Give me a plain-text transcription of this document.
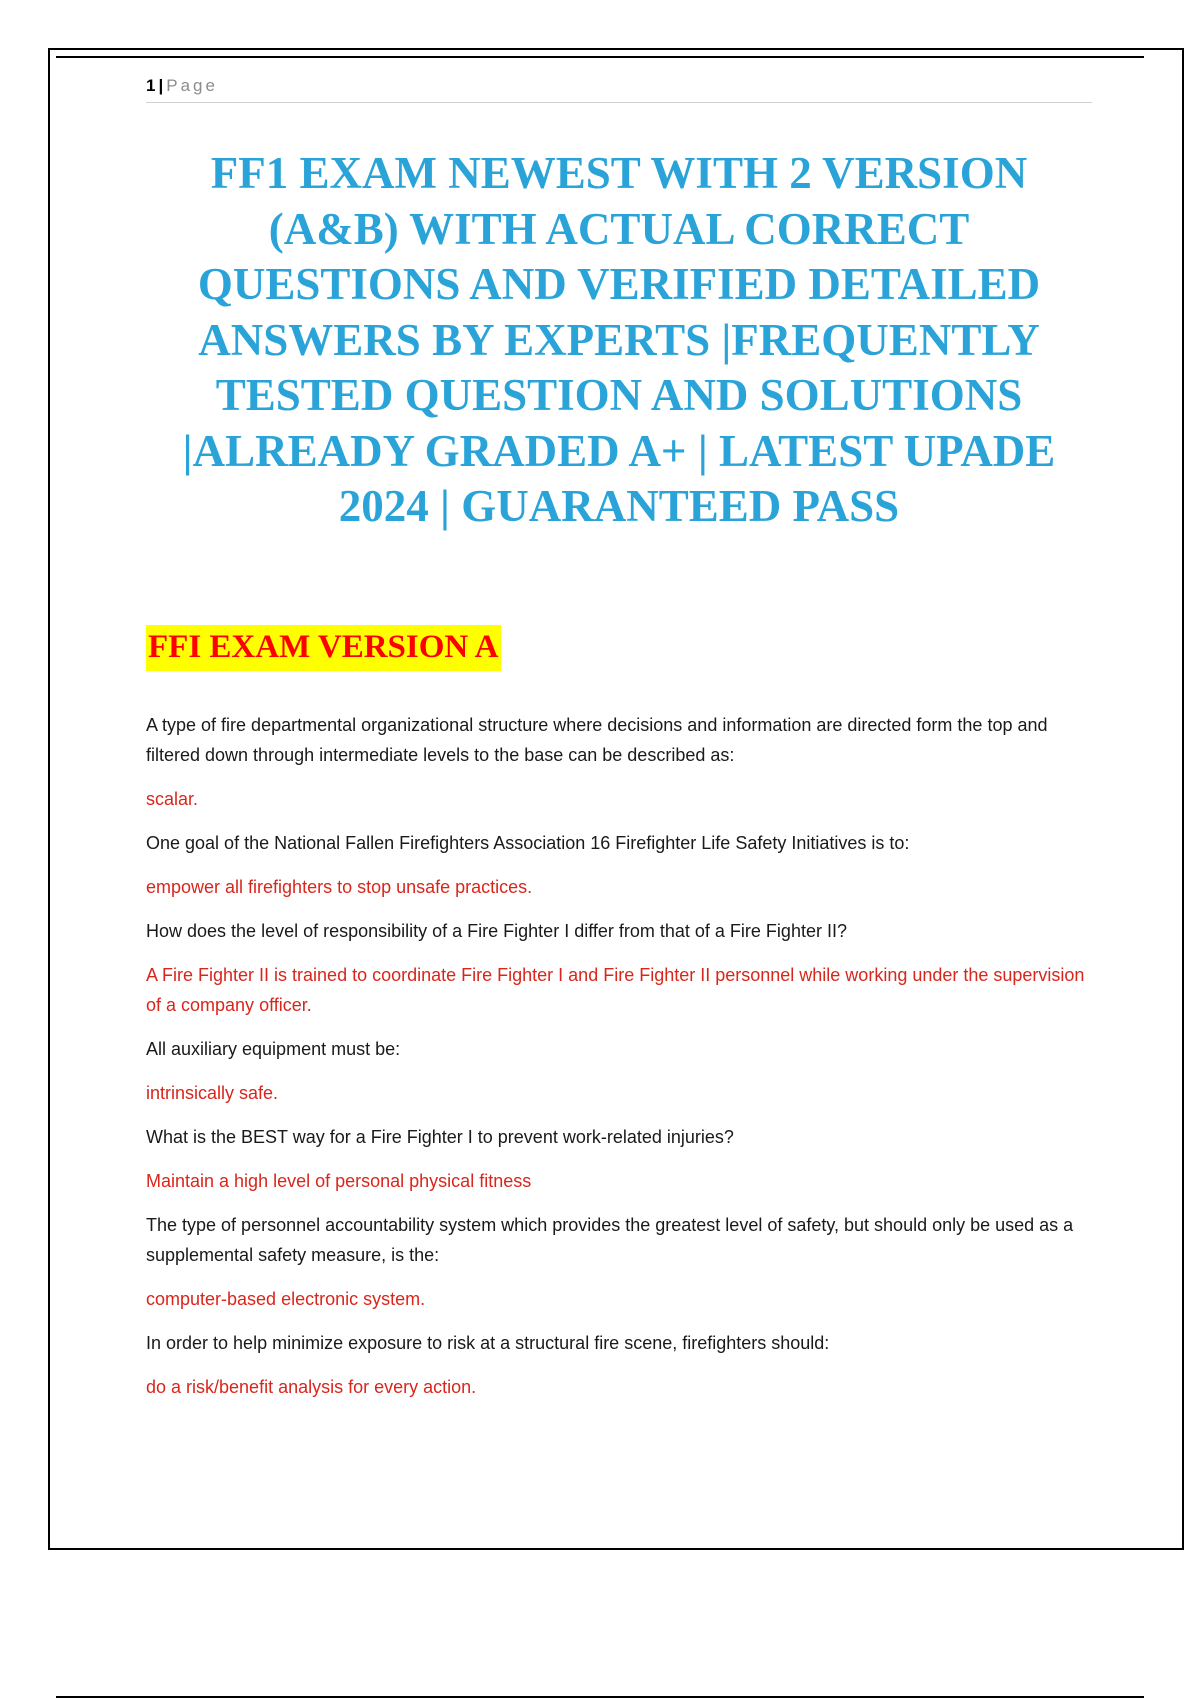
1 | Page
FF1 EXAM NEWEST WITH 2 VERSION (A&B) WITH ACTUAL CORRECT QUESTIONS AND VERIFIED DETAILED ANSWERS BY EXPERTS |FREQUENTLY TESTED QUESTION AND SOLUTIONS |ALREADY GRADED A+ | LATEST UPADE 2024 | GUARANTEED PASS
FFI EXAM VERSION A

A type of fire departmental organizational structure where decisions and information are directed form the top and filtered down through intermediate levels to the base can be described as:

scalar.

One goal of the National Fallen Firefighters Association 16 Firefighter Life Safety Initiatives is to:

empower all firefighters to stop unsafe practices.

How does the level of responsibility of a Fire Fighter I differ from that of a Fire Fighter II?

A Fire Fighter II is trained to coordinate Fire Fighter I and Fire Fighter II personnel while working under the supervision of a company officer.

All auxiliary equipment must be:

intrinsically safe.

What is the BEST way for a Fire Fighter I to prevent work-related injuries?

Maintain a high level of personal physical fitness

The type of personnel accountability system which provides the greatest level of safety, but should only be used as a supplemental safety measure, is the:

computer-based electronic system.

In order to help minimize exposure to risk at a structural fire scene, firefighters should:

do a risk/benefit analysis for every action.
